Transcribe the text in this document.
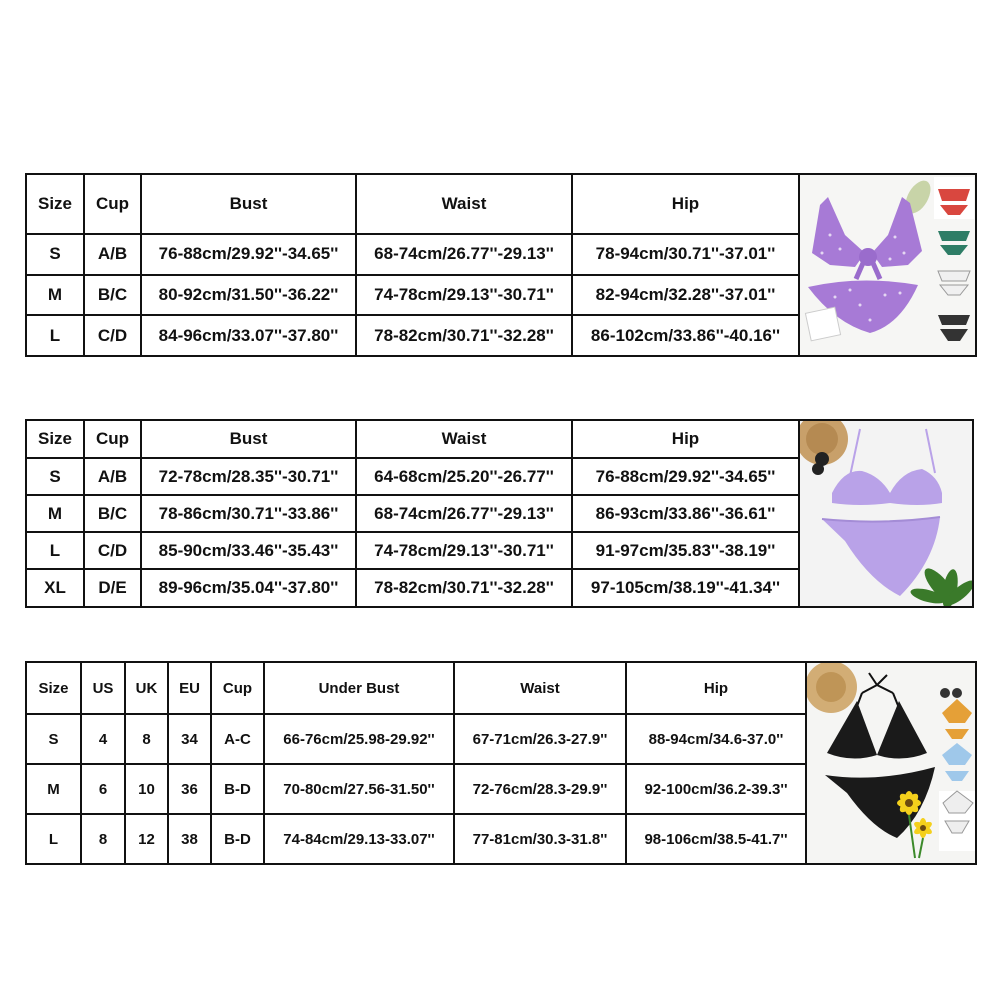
Size	Cup	Bust	Waist	Hip	

S	A/B	76-88cm/29.92''-34.65''	68-74cm/26.77''-29.13''	78-94cm/30.71''-37.01''	
M	B/C	80-92cm/31.50''-36.22''	74-78cm/29.13''-30.71''	82-94cm/32.28''-37.01''	
L	C/D	84-96cm/33.07''-37.80''	78-82cm/30.71''-32.28''	86-102cm/33.86''-40.16''	
Size	Cup	Bust	Waist	Hip	

S	A/B	72-78cm/28.35''-30.71''	64-68cm/25.20''-26.77''	76-88cm/29.92''-34.65''	
M	B/C	78-86cm/30.71''-33.86''	68-74cm/26.77''-29.13''	86-93cm/33.86''-36.61''	
L	C/D	85-90cm/33.46''-35.43''	74-78cm/29.13''-30.71''	91-97cm/35.83''-38.19''	
XL	D/E	89-96cm/35.04''-37.80''	78-82cm/30.71''-32.28''	97-105cm/38.19''-41.34''	
Size	US	UK	EU	Cup	Under Bust	Waist	Hip	

S	4	8	34	A-C	66-76cm/25.98-29.92''	67-71cm/26.3-27.9''	88-94cm/34.6-37.0''	
M	6	10	36	B-D	70-80cm/27.56-31.50''	72-76cm/28.3-29.9''	92-100cm/36.2-39.3''	
L	8	12	38	B-D	74-84cm/29.13-33.07''	77-81cm/30.3-31.8''	98-106cm/38.5-41.7''	
